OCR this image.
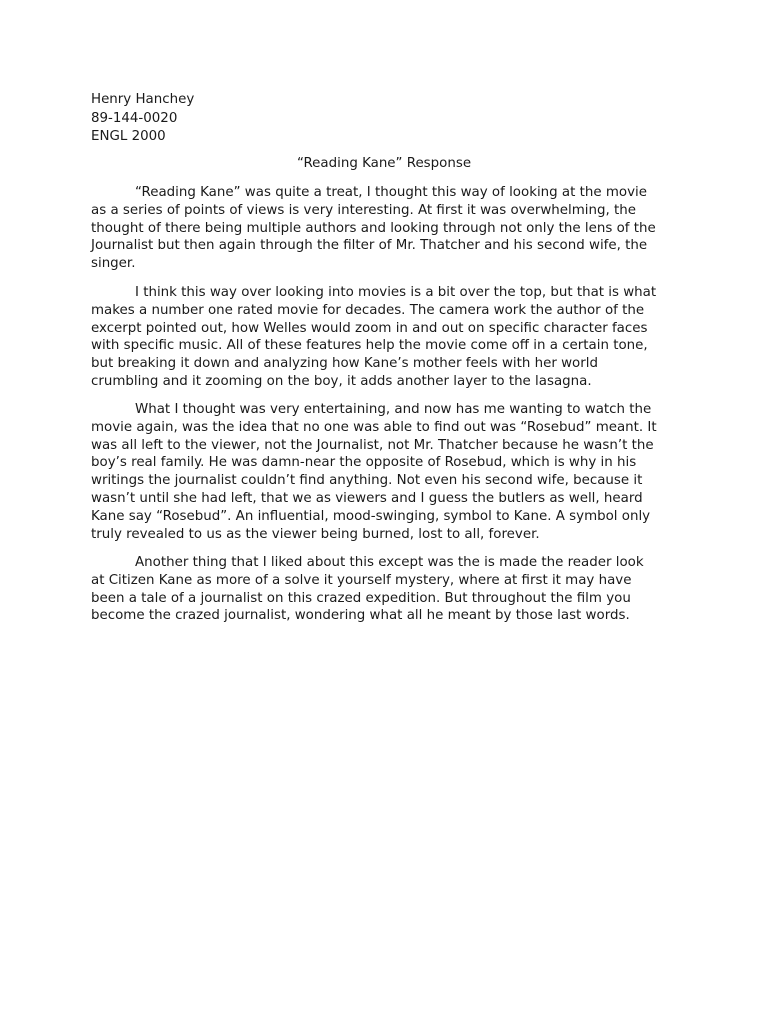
Henry Hanchey
89-144-0020
ENGL 2000
“Reading Kane” Response
“Reading Kane” was quite a treat, I thought this way of looking at the movie
as a series of points of views is very interesting. At first it was overwhelming, the
thought of there being multiple authors and looking through not only the lens of the
Journalist but then again through the filter of Mr. Thatcher and his second wife, the
singer.
I think this way over looking into movies is a bit over the top, but that is what
makes a number one rated movie for decades. The camera work the author of the
excerpt pointed out, how Welles would zoom in and out on specific character faces
with specific music. All of these features help the movie come off in a certain tone,
but breaking it down and analyzing how Kane’s mother feels with her world
crumbling and it zooming on the boy, it adds another layer to the lasagna.
What I thought was very entertaining, and now has me wanting to watch the
movie again, was the idea that no one was able to find out was “Rosebud” meant. It
was all left to the viewer, not the Journalist, not Mr. Thatcher because he wasn’t the
boy’s real family. He was damn-near the opposite of Rosebud, which is why in his
writings the journalist couldn’t find anything. Not even his second wife, because it
wasn’t until she had left, that we as viewers and I guess the butlers as well, heard
Kane say “Rosebud”. An influential, mood-swinging, symbol to Kane. A symbol only
truly revealed to us as the viewer being burned, lost to all, forever.
Another thing that I liked about this except was the is made the reader look
at Citizen Kane as more of a solve it yourself mystery, where at first it may have
been a tale of a journalist on this crazed expedition. But throughout the film you
become the crazed journalist, wondering what all he meant by those last words.
